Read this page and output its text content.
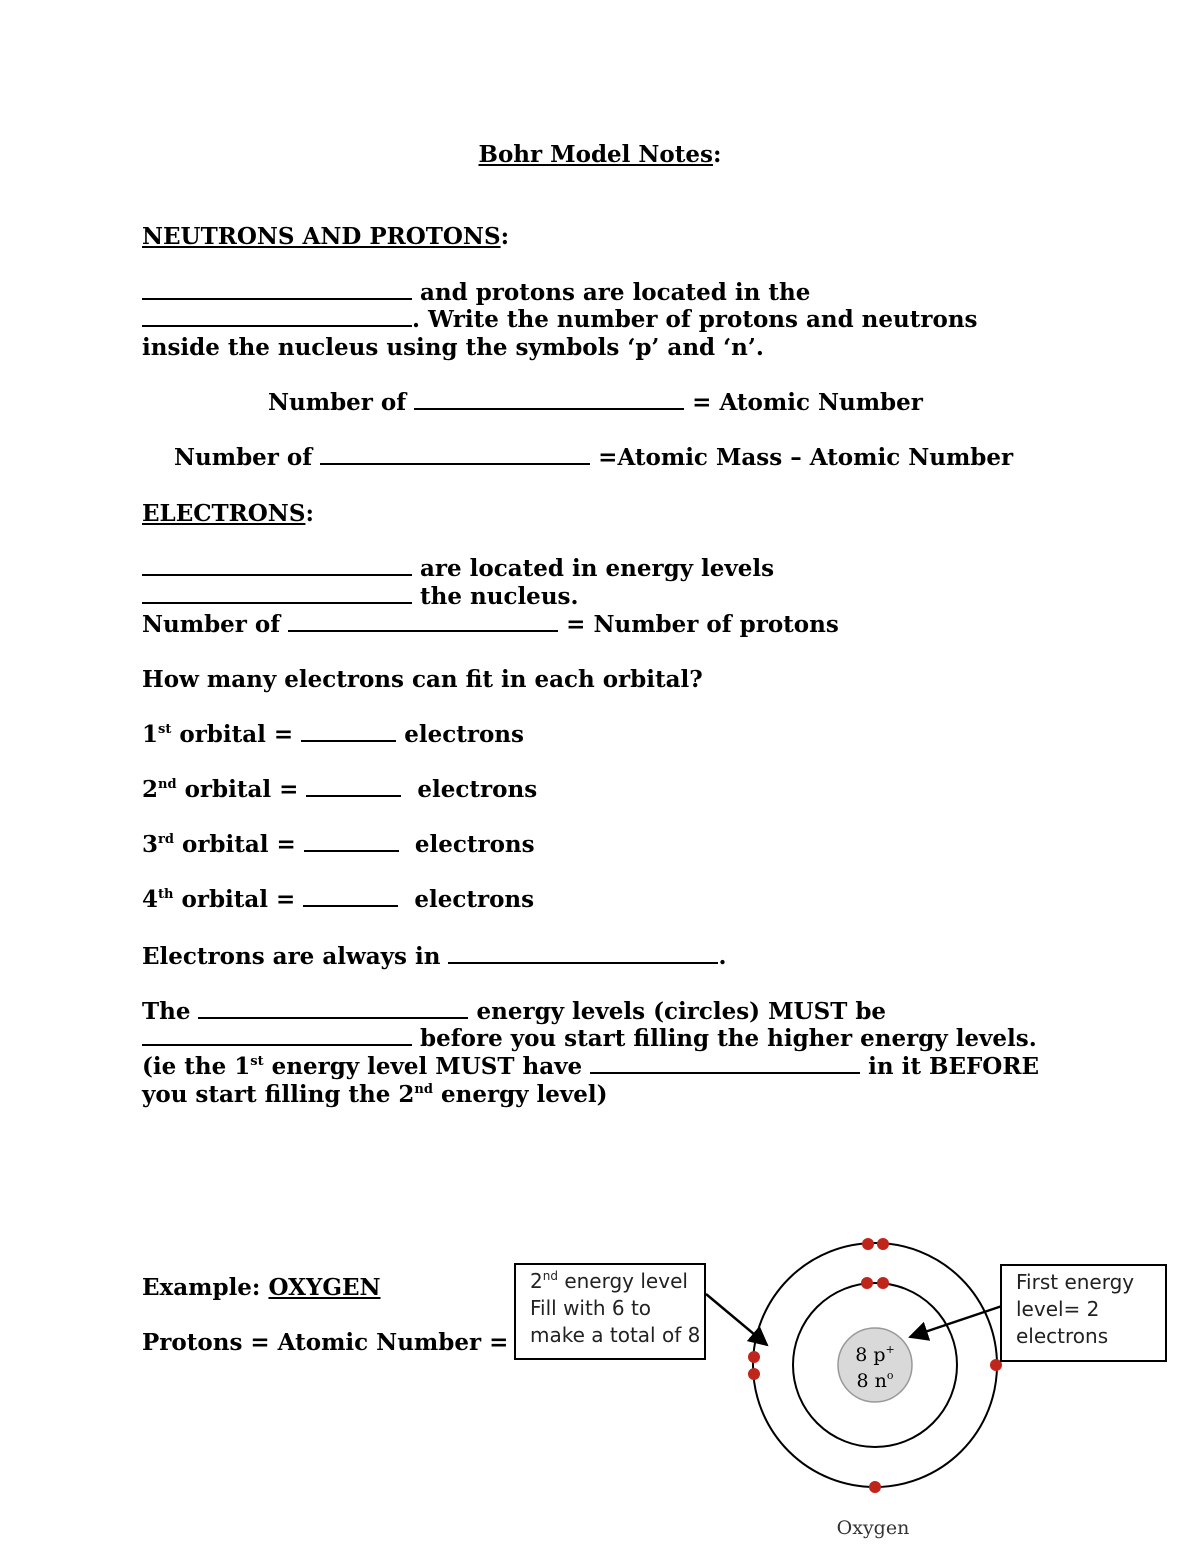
Bohr Model Notes:
NEUTRONS AND PROTONS:
and protons are located in the
. Write the number of protons and neutrons
inside the nucleus using the symbols ‘p’ and ‘n’.
Number of	= Atomic Number
Number of	=Atomic Mass – Atomic Number
ELECTRONS:
are located in energy levels
the nucleus.
Number of	= Number of protons
How many electrons can fit in each orbital?
1st orbital =	electrons
2nd orbital =	electrons
3rd orbital =	electrons
4th orbital =	electrons
Electrons are always in	.
The	energy levels (circles) MUST be
before you start filling the higher energy levels.
(ie the 1st energy level MUST have	in it BEFORE
you start filling the 2nd energy level)
Example: OXYGEN
Protons = Atomic Number =	8 p+
8 $n^o$
Oxygen
2nd energy level
Fill with 6 to
make a total of 8
First energy
level= 2
electrons
